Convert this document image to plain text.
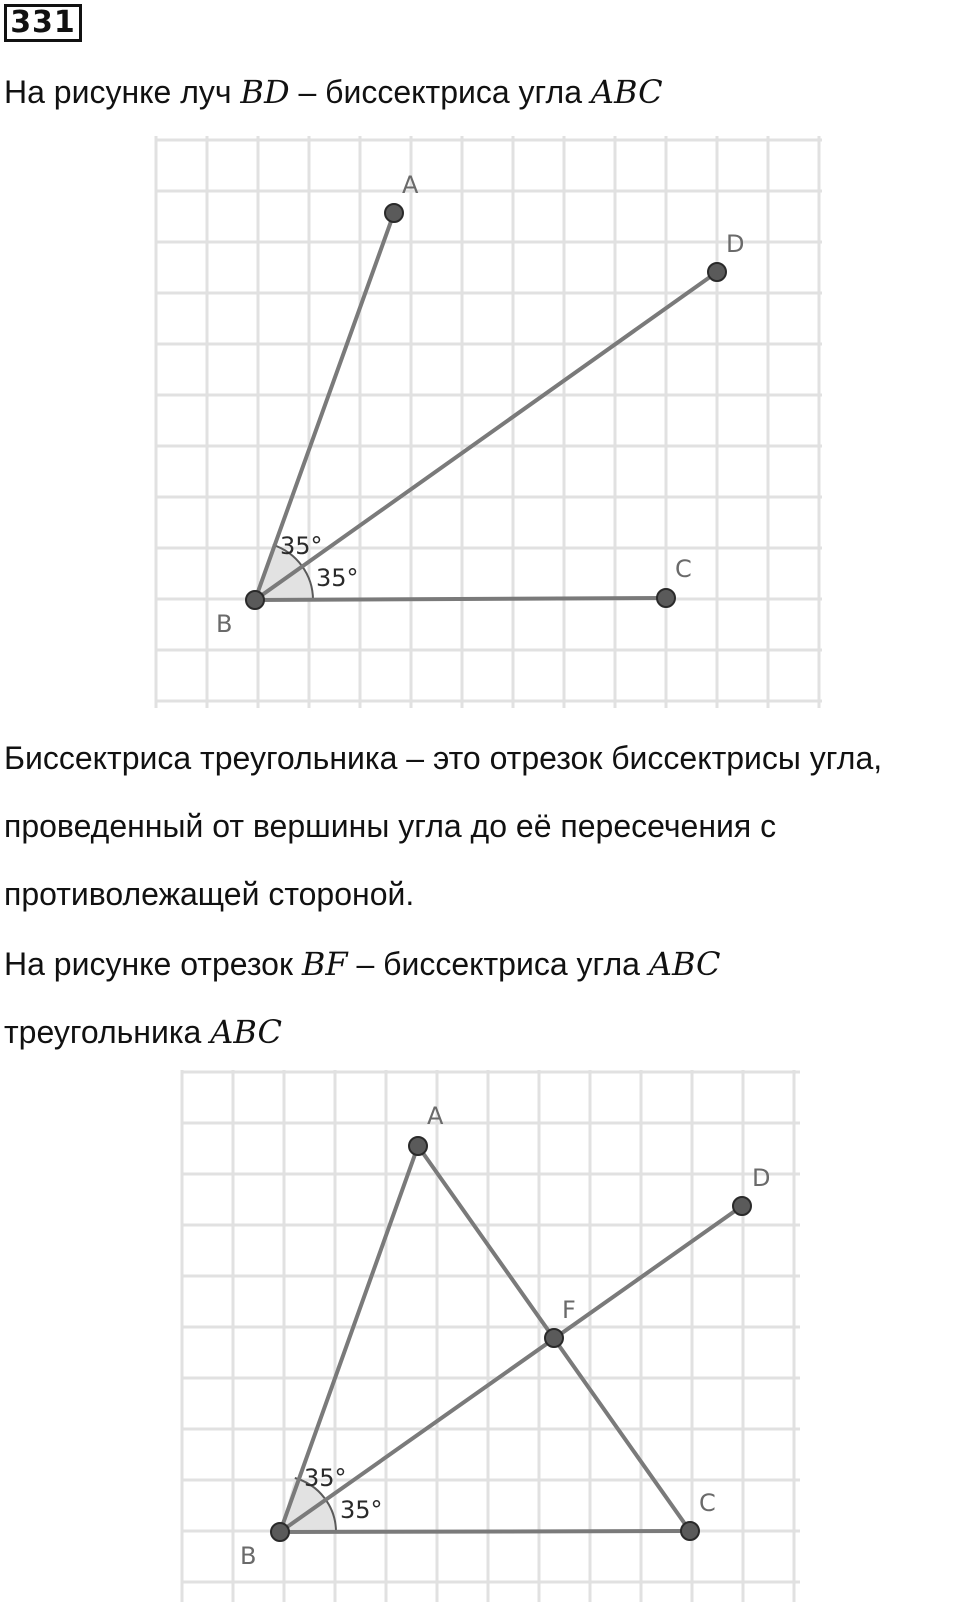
331
На рисунке луч BD – биссектриса угла ABC
A
D
C
B
35°
35°
Биссектриса треугольника – это отрезок биссектрисы угла,
проведенный от вершины угла до её пересечения с
противолежащей стороной.
На рисунке отрезок BF – биссектриса угла ABC
треугольника ABC
A
D
F
C
B
35°
35°
